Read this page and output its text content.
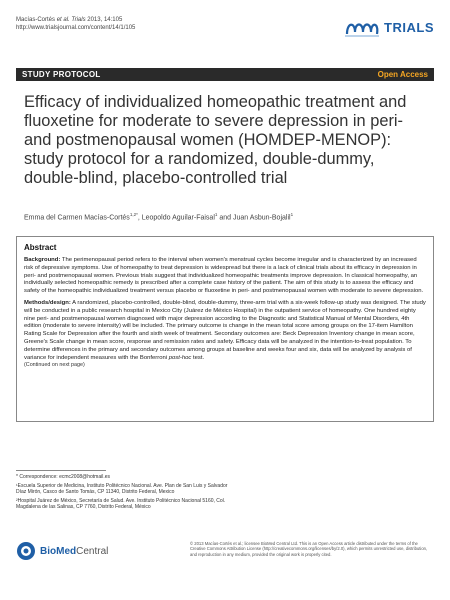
Macías-Cortés et al. Trials 2013, 14:105
http://www.trialsjournal.com/content/14/1/105	TRIALS
STUDY PROTOCOL	Open Access
Efficacy of individualized homeopathic treatment and fluoxetine for moderate to severe depression in peri- and postmenopausal women (HOMDEP-MENOP): study protocol for a randomized, double-dummy, double-blind, placebo-controlled trial
Emma del Carmen Macías-Cortés$^{1,2*}$, Leopoldo Aguilar-Faisal$^1$ and Juan Asbun-Bojalil$^1$
Abstract

Background: The perimenopausal period refers to the interval when women's menstrual cycles become irregular and is characterized by an increased risk of depressive symptoms. Use of homeopathy to treat depression is widespread but there is a lack of clinical trials about its efficacy in depression in peri- and postmenopausal women. Previous trials suggest that individualized homeopathic treatments improve depression. In classical homeopathy, an individually selected homeopathic remedy is prescribed after a complete case history of the patient. The aim of this study is to assess the efficacy and safety of the homeopathic individualized treatment versus placebo or fluoxetine in peri- and postmenopausal women with moderate to severe depression.

Methods/design: A randomized, placebo-controlled, double-blind, double-dummy, three-arm trial with a six-week follow-up study was designed. The study will be conducted in a public research hospital in Mexico City (Juárez de México Hospital) in the outpatient service of homeopathy. One hundred eighty nine peri- and postmenopausal women diagnosed with major depression according to the Diagnostic and Statistical Manual of Mental Disorders, 4th edition (moderate to severe intensity) will be included. The primary outcome is change in the mean total score among groups on the 17-item Hamilton Rating Scale for Depression after the fourth and sixth week of treatment. Secondary outcomes are: Beck Depression Inventory change in mean score, Greene's Scale change in mean score, response and remission rates and safety. Efficacy data will be analyzed in the intention-to-treat population. To determine differences in the primary and secondary outcomes among groups at baseline and weeks four and six, data will be analyzed by analysis of variance for independent measures with the Bonferroni post-hoc test.
(Continued on next page)

* Correspondence: ecmc2008@hotmail.es

¹Escuela Superior de Medicina, Instituto Politécnico Nacional. Ave. Plan de San Luis y Salvador Díaz Mirón, Casco de Santo Tomás, CP 11340, Distrito Federal, Mexico

²Hospital Juárez de México, Secretaría de Salud. Ave. Instituto Politécnico Nacional 5160, Col. Magdalena de las Salinas, CP 7760, Distrito Federal, México

BioMedCentral
© 2013 Macías-Cortés et al.; licensee BioMed Central Ltd. This is an Open Access article distributed under the terms of the Creative Commons Attribution License (http://creativecommons.org/licenses/by/2.0), which permits unrestricted use, distribution, and reproduction in any medium, provided the original work is properly cited.
